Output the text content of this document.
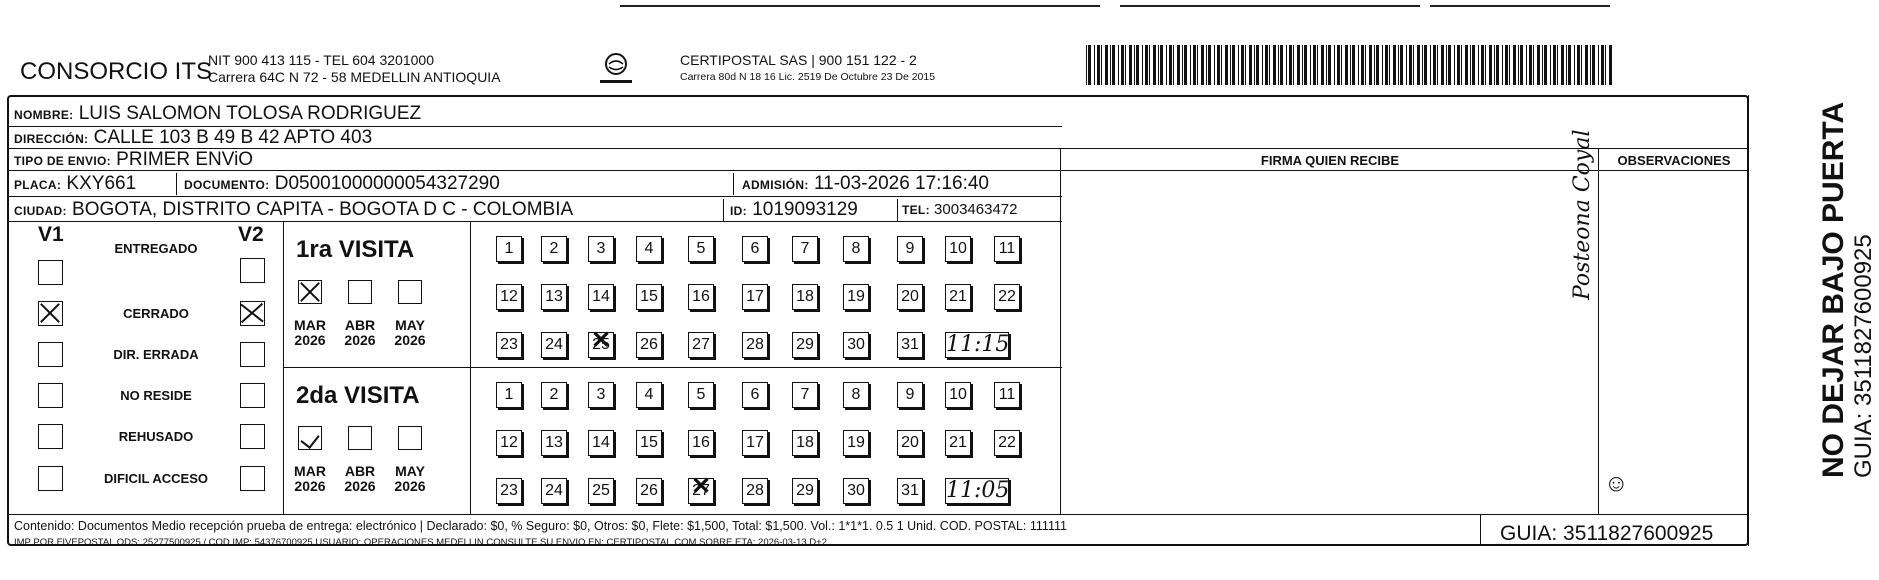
CONSORCIO ITS
NIT 900 413 115 - TEL 604 3201000
Carrera 64C N 72 - 58 MEDELLIN ANTIOQUIA
CERTIPOSTAL SAS | 900 151 122 - 2
Carrera 80d N 18 16 Lic. 2519 De Octubre 23 De 2015
NOMBRE: LUIS SALOMON TOLOSA RODRIGUEZ
DIRECCIÓN: CALLE 103 B 49 B 42 APTO 403
TIPO DE ENVIO: PRIMER ENViO	FIRMA QUIEN RECIBE	OBSERVACIONES
PLACA: KXY661	DOCUMENTO: D05001000000054327290	ADMISIÓN: 11-03-2026 17:16:40
CIUDAD: BOGOTA, DISTRITO CAPITA - BOGOTA D C - COLOMBIA	ID: 1019093129	TEL: 3003463472
V1	V2
ENTREGADO
CERRADO
DIR. ERRADA
NO RESIDE
REHUSADO
DIFICIL ACCESO
1ra VISITA
MAR
2026
ABR
2026
MAY
2026
1	2	3	4	5	6	7	8	9	10 11
12 13 14 15 16 17 18 19 20 21 22
23 24 25 ✕ 26 27 28 29 30 31 11:15
2da VISITA
MAR
2026
ABR
2026
MAY
2026
1	2	3	4	5	6	7	8	9	10 11
12 13 14 15 16 17 18 19 20 21 22
23 24 25 26 27 ✕ 28 29 30 31 11:05
Posteona Coyal
☺
NO DEJAR BAJO PUERTA GUIA: 3511827600925
Contenido: Documentos Medio recepción prueba de entrega: electrónico | Declarado: $0, % Seguro: $0, Otros: $0, Flete: $1,500, Total: $1,500. Vol.: 1*1*1. 0.5 1 Unid. COD. POSTAL: 111111
IMP POR FIVEPOSTAL ODS: 25277500925 / COD.IMP: 54376700925 USUARIO: OPERACIONES MEDELLIN CONSULTE SU ENVIO EN: CERTIPOSTAL.COM SOBRE ETA: 2026-03-13 D+2	GUIA: 3511827600925
